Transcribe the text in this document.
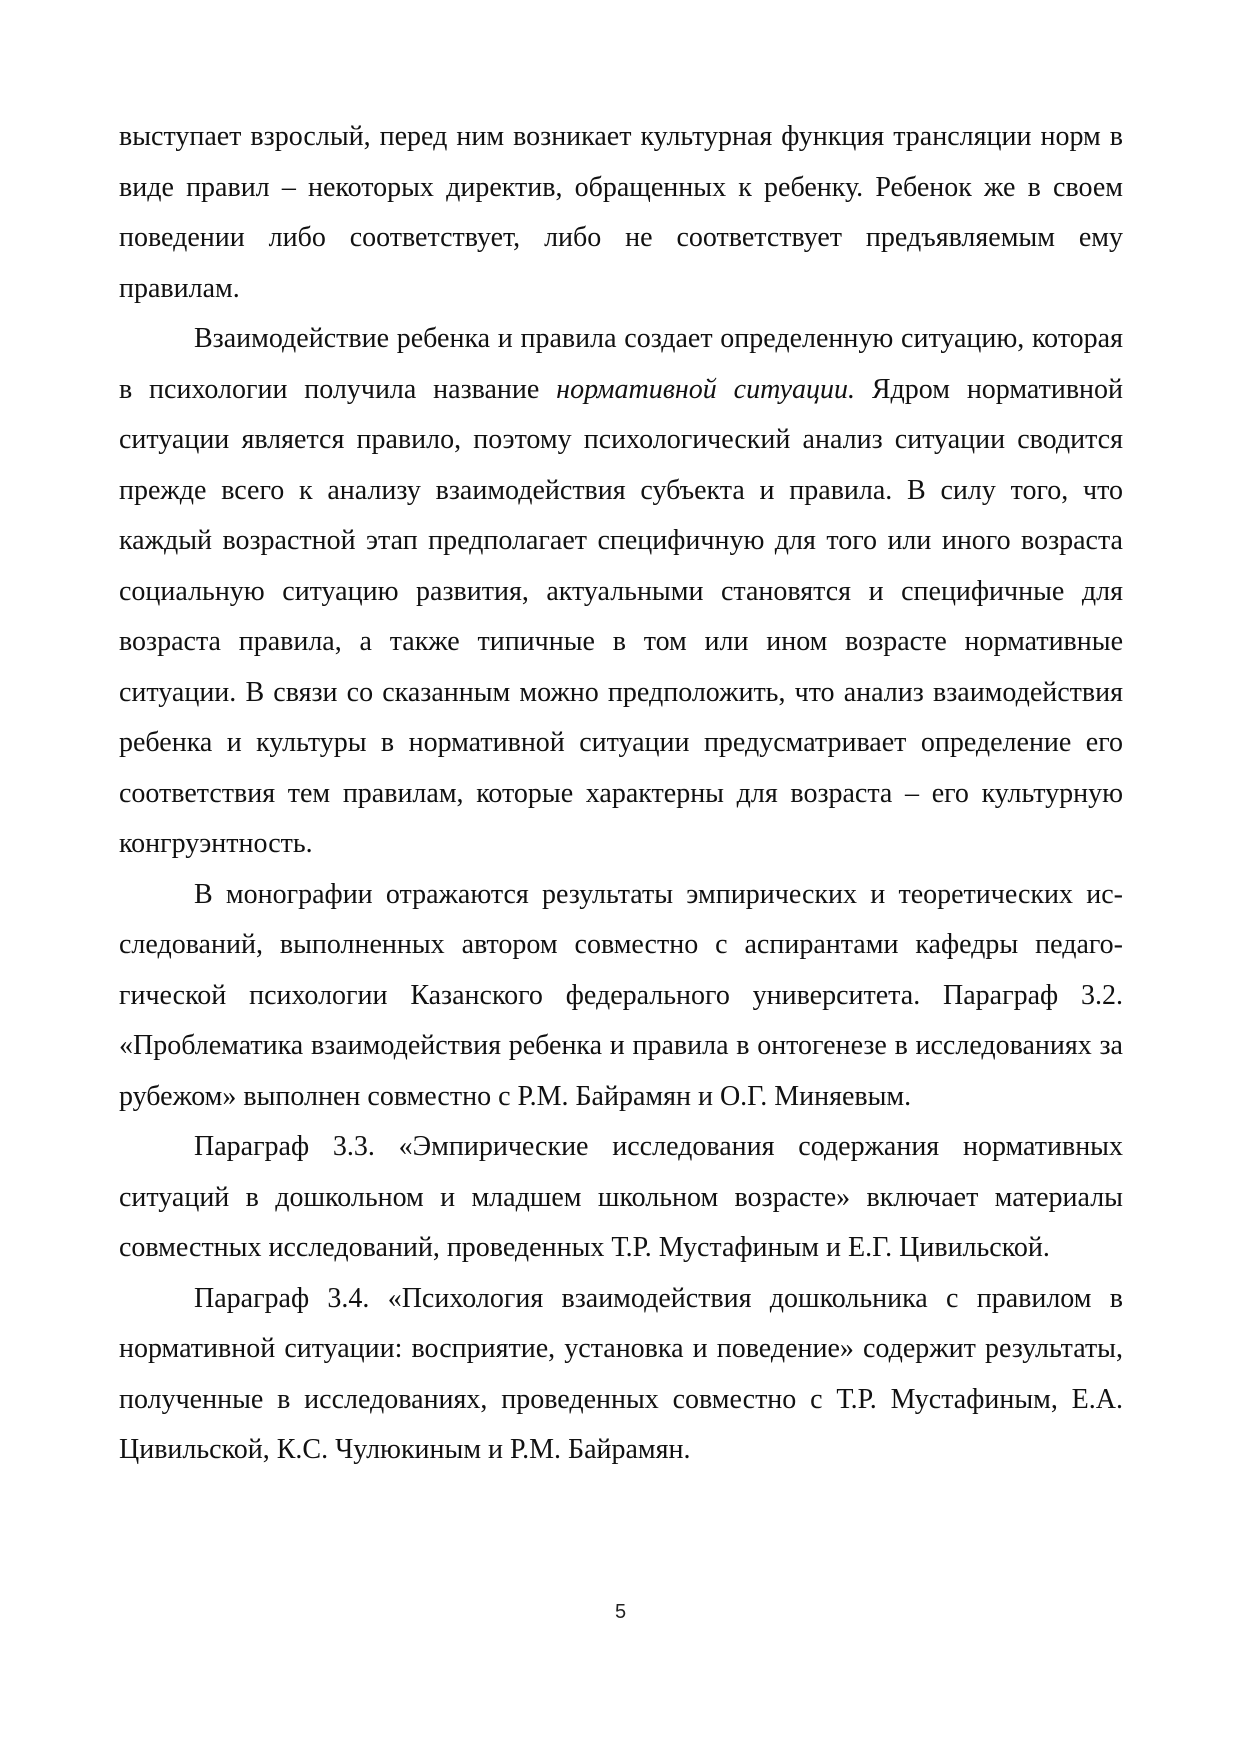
выступает взрослый, перед ним возникает культурная функция трансляции норм в виде правил – некоторых директив, обращенных к ребенку. Ребенок же в своем поведении либо соответствует, либо не соответствует предъявляемым ему правилам.

Взаимодействие ребенка и правила создает определенную ситуацию, которая в психологии получила название нормативной ситуации. Ядром нормативной ситуации является правило, поэтому психологический анализ ситуации сводится прежде всего к анализу взаимодействия субъекта и правила. В силу того, что каждый возрастной этап предполагает специфичную для того или иного возраста социальную ситуацию развития, актуальными становятся и специфичные для возраста правила, а также типичные в том или ином возрасте нормативные ситуации. В связи со сказанным можно предположить, что анализ взаимодействия ребенка и культуры в нормативной ситуации предусматривает определение его соответствия тем правилам, которые характерны для возраста – его культурную конгруэнтность.

В монографии отражаются результаты эмпирических и теоретических исследований, выполненных автором совместно с аспирантами кафедры педагогической психологии Казанского федерального университета. Параграф 3.2. «Проблематика взаимодействия ребенка и правила в онтогенезе в исследованиях за рубежом» выполнен совместно с Р.М. Байрамян и О.Г. Миняевым.

Параграф 3.3. «Эмпирические исследования содержания нормативных ситуаций в дошкольном и младшем школьном возрасте» включает материалы совместных исследований, проведенных Т.Р. Мустафиным и Е.Г. Цивильской.

Параграф 3.4. «Психология взаимодействия дошкольника с правилом в нормативной ситуации: восприятие, установка и поведение» содержит результаты, полученные в исследованиях, проведенных совместно с Т.Р. Мустафиным, Е.А. Цивильской, К.С. Чулюкиным и Р.М. Байрамян.

5
